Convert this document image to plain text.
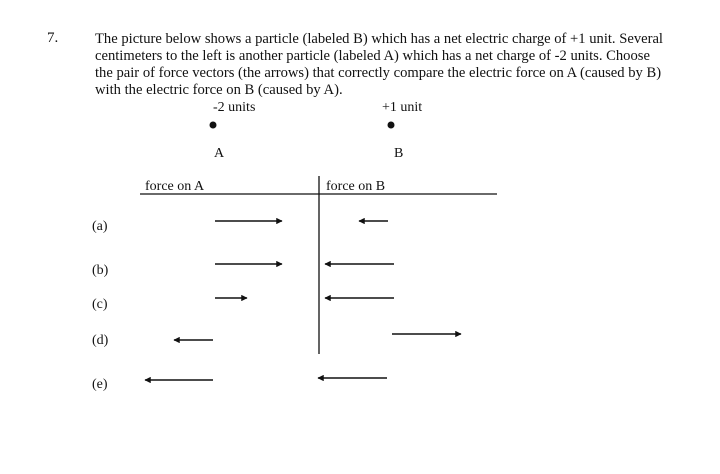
7.	The picture below shows a particle (labeled B) which has a net electric charge of +1 unit. Several
centimeters to the left is another particle (labeled A) which has a net charge of -2 units. Choose
the pair of force vectors (the arrows) that correctly compare the electric force on A (caused by B)
with the electric force on B (caused by A).
-2 units	+1 unit
A	B
force on A	force on B
(a)
(b)
(c)
(d)
(e)
